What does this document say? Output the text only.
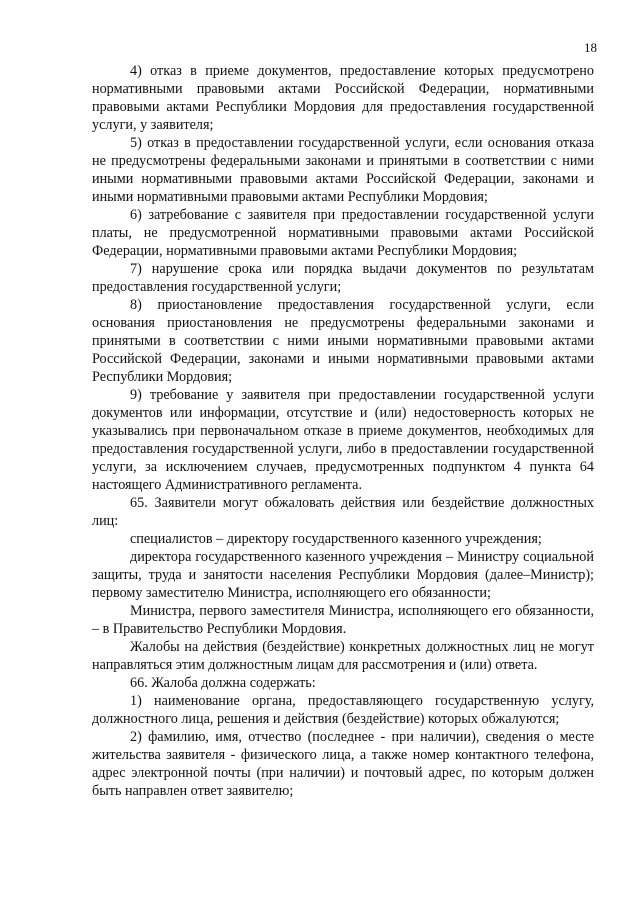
18

4) отказ в приеме документов, предоставление которых предусмотрено нормативными правовыми актами Российской Федерации, нормативными правовыми актами Республики Мордовия для предоставления государственной услуги, у заявителя;

5) отказ в предоставлении государственной услуги, если основания отказа не предусмотрены федеральными законами и принятыми в соответствии с ними иными нормативными правовыми актами Российской Федерации, законами и иными нормативными правовыми актами Республики Мордовия;

6) затребование с заявителя при предоставлении государственной услуги платы, не предусмотренной нормативными правовыми актами Российской Федерации, нормативными правовыми актами Республики Мордовия;

7) нарушение срока или порядка выдачи документов по результатам предоставления государственной услуги;

8) приостановление предоставления государственной услуги, если основания приостановления не предусмотрены федеральными законами и принятыми в соответствии с ними иными нормативными правовыми актами Российской Федерации, законами и иными нормативными правовыми актами Республики Мордовия;

9) требование у заявителя при предоставлении государственной услуги документов или информации, отсутствие и (или) недостоверность которых не указывались при первоначальном отказе в приеме документов, необходимых для предоставления государственной услуги, либо в предоставлении государственной услуги, за исключением случаев, предусмотренных подпунктом 4 пункта 64 настоящего Административного регламента.

65. Заявители могут обжаловать действия или бездействие должностных лиц:

специалистов – директору государственного казенного учреждения;

директора государственного казенного учреждения – Министру социальной защиты, труда и занятости населения Республики Мордовия (далее–Министр); первому заместителю Министра, исполняющего его обязанности;

Министра, первого заместителя Министра, исполняющего его обязанности, – в Правительство Республики Мордовия.

Жалобы на действия (бездействие) конкретных должностных лиц не могут направляться этим должностным лицам для рассмотрения и (или) ответа.

66. Жалоба должна содержать:

1) наименование органа, предоставляющего государственную услугу, должностного лица, решения и действия (бездействие) которых обжалуются;

2) фамилию, имя, отчество (последнее - при наличии), сведения о месте жительства заявителя - физического лица, а также номер контактного телефона, адрес электронной почты (при наличии) и почтовый адрес, по которым должен быть направлен ответ заявителю;
